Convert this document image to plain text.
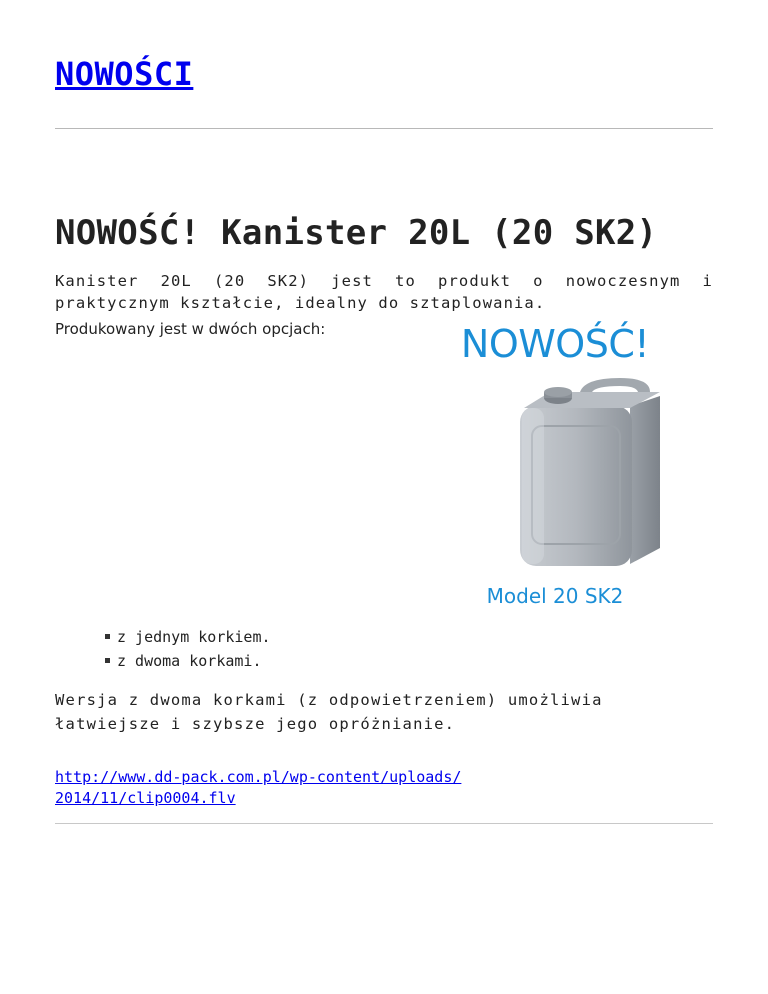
NOWOŚCI
NOWOŚĆ! Kanister 20L (20 SK2)

Kanister 20L (20 SK2) jest to produkt o nowoczesnym i praktycznym kształcie, idealny do sztaplowania.

Produkowany jest w dwóch opcjach:	NOWOŚĆ!
Model 20 SK2
z jednym korkiem.
z dwoma korkami.

Wersja z dwoma korkami (z odpowietrzeniem) umożliwia

łatwiejsze i szybsze jego opróżnianie.

http://www.dd-pack.com.pl/wp-content/uploads/
2014/11/clip0004.flv
